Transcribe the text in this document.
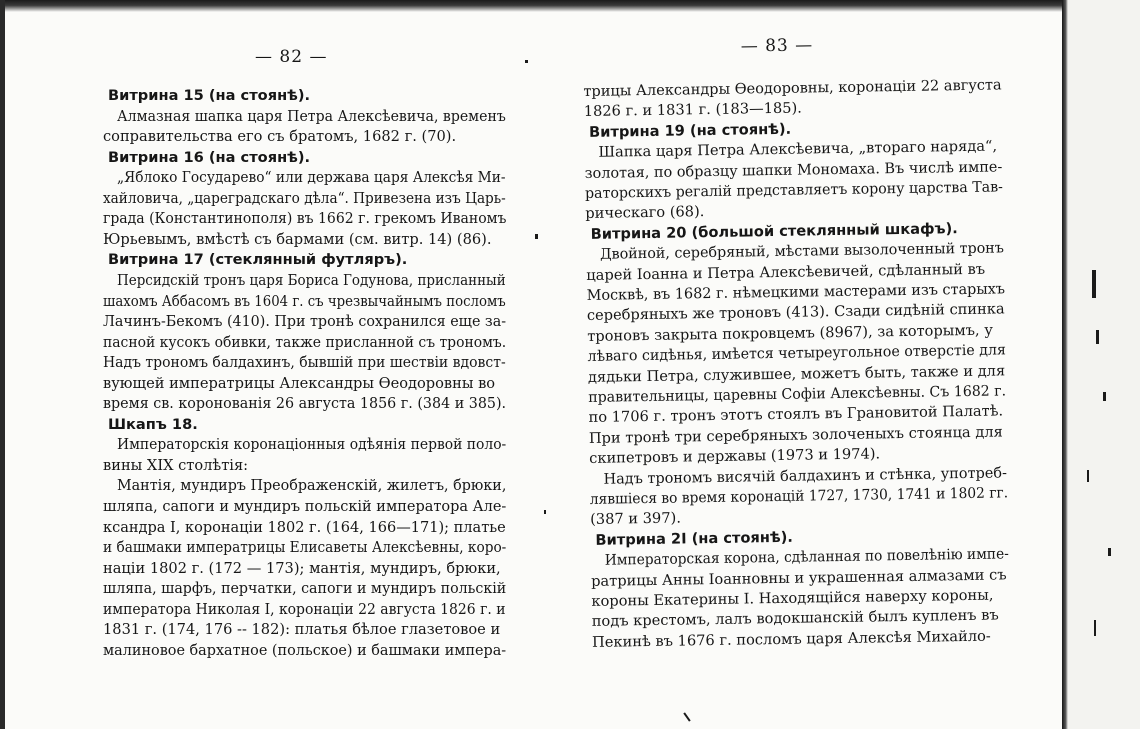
— 82 —
Витрина 15 (на стоянѣ).
Алмазная шапка царя Петра Алексѣевича, временъ
соправительства его съ братомъ, 1682 г. (70).
Витрина 16 (на стоянѣ).
„Яблоко Государево“ или держава царя Алексѣя Ми-
хайловича, „цареградскаго дѣла“. Привезена изъ Царь-
града (Константинополя) въ 1662 г. грекомъ Иваномъ
Юрьевымъ, вмѣстѣ съ бармами (см. витр. 14) (86).
Витрина 17 (стеклянный футляръ).
Персидскій тронъ царя Бориса Годунова, присланный
шахомъ Аббасомъ въ 1604 г. съ чрезвычайнымъ посломъ
Лачинъ-Бекомъ (410). При тронѣ сохранился еще за-
пасной кусокъ обивки, также присланной съ трономъ.
Надъ трономъ балдахинъ, бывшій при шествіи вдовст-
вующей императрицы Александры Ѳеодоровны во
время св. коронованія 26 августа 1856 г. (384 и 385).
Шкапъ 18.
Императорскія коронаціонныя одѣянія первой поло-
вины XIX столѣтія:
Мантія, мундиръ Преображенскій, жилетъ, брюки,
шляпа, сапоги и мундиръ польскій императора Але-
ксандра I, коронаціи 1802 г. (164, 166—171); платье
и башмаки императрицы Елисаветы Алексѣевны, коро-
націи 1802 г. (172 — 173); мантія, мундиръ, брюки,
шляпа, шарфъ, перчатки, сапоги и мундиръ польскій
императора Николая I, коронаціи 22 августа 1826 г. и
1831 г. (174, 176 -- 182): платья бѣлое глазетовое и
малиновое бархатное (польское) и башмаки импера-
— 83 —
трицы Александры Ѳеодоровны, коронаціи 22 августа
1826 г. и 1831 г. (183—185).
Витрина 19 (на стоянѣ).
Шапка царя Петра Алексѣевича, „втораго наряда“,
золотая, по образцу шапки Мономаха. Въ числѣ импе-
раторскихъ регалій представляетъ корону царства Тав-
рическаго (68).
Витрина 20 (большой стеклянный шкафъ).
Двойной, серебряный, мѣстами вызолоченный тронъ
царей Іоанна и Петра Алексѣевичей, сдѣланный въ
Москвѣ, въ 1682 г. нѣмецкими мастерами изъ старыхъ
серебряныхъ же троновъ (413). Сзади сидѣній спинка
троновъ закрыта покровцемъ (8967), за которымъ, у
лѣваго сидѣнья, имѣется четыреугольное отверстіе для
дядьки Петра, служившее, можетъ быть, также и для
правительницы, царевны Софіи Алексѣевны. Съ 1682 г.
по 1706 г. тронъ этотъ стоялъ въ Грановитой Палатѣ.
При тронѣ три серебряныхъ золоченыхъ стоянца для
скипетровъ и державы (1973 и 1974).
Надъ трономъ висячій балдахинъ и стѣнка, употреб-
лявшіеся во время коронацій 1727, 1730, 1741 и 1802 гг.
(387 и 397).
Витрина 2І (на стоянѣ).
Императорская корона, сдѣланная по повелѣнію импе-
ратрицы Анны Іоанновны и украшенная алмазами съ
короны Екатерины І. Находящійся наверху короны,
подъ крестомъ, лалъ водокшанскій былъ купленъ въ
Пекинѣ въ 1676 г. посломъ царя Алексѣя Михайло-
